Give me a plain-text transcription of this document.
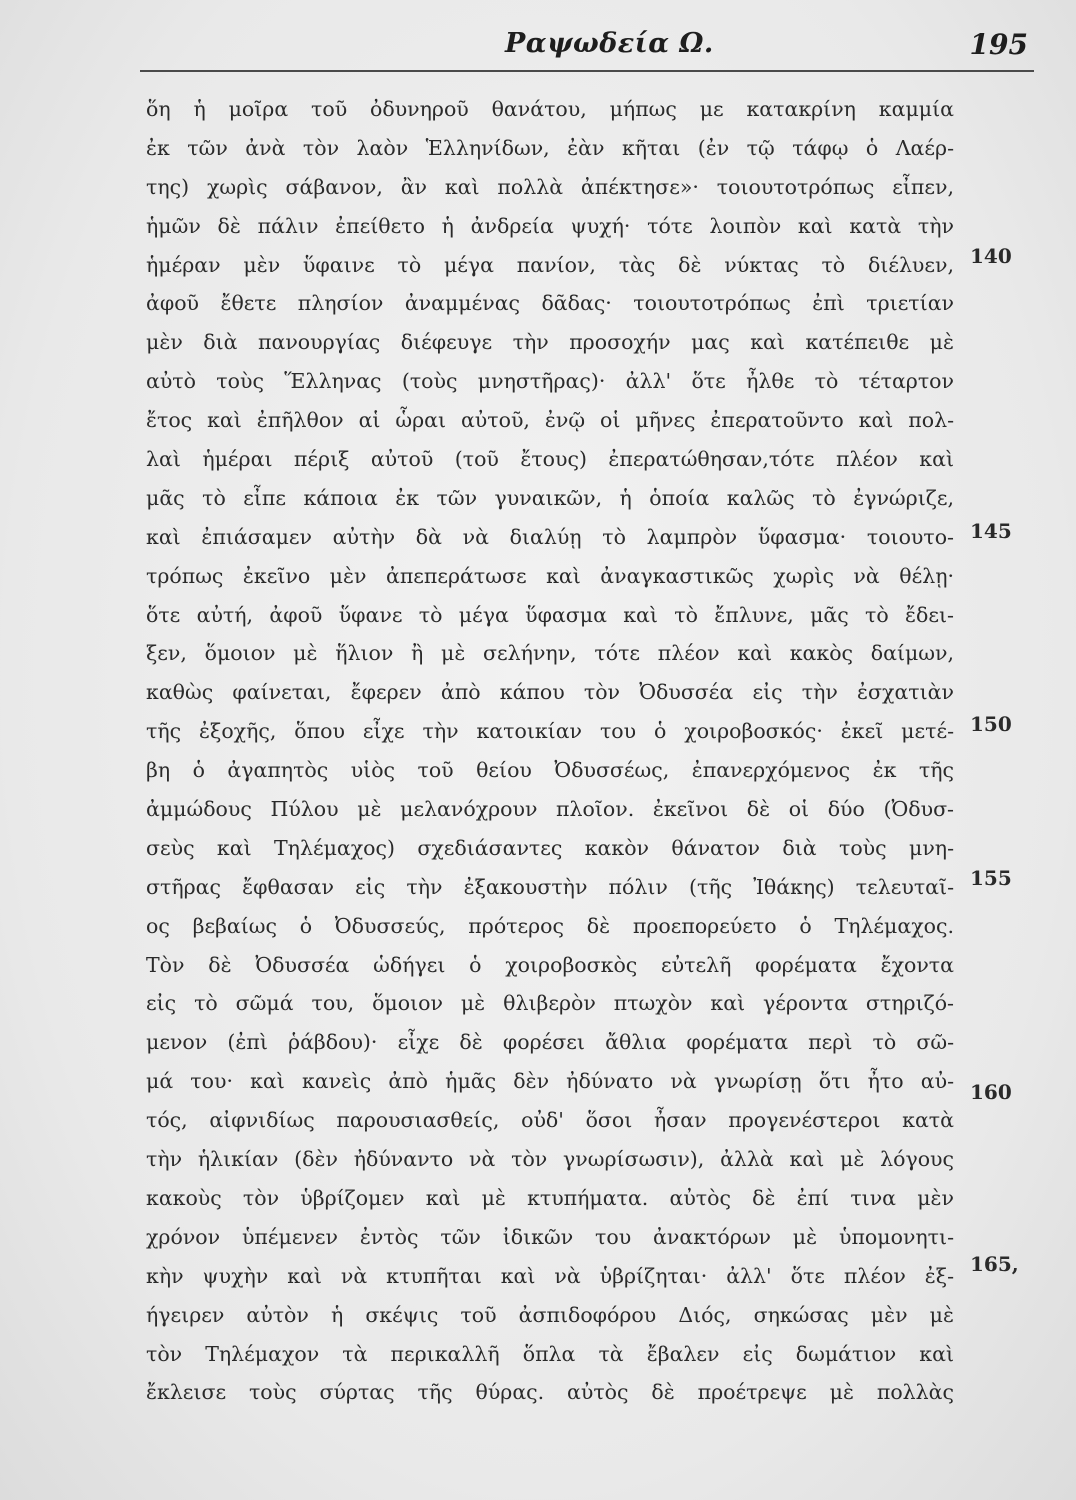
Ραψωδεία Ω.	195
ὅη ἡ μοῖρα τοῦ ὀδυνηροῦ θανάτου, μήπως με κατακρίνη καμμία
ἐκ τῶν ἀνὰ τὸν λαὸν Ἑλληνίδων, ἐὰν κῆται (ἐν τῷ τάφῳ ὁ Λαέρ-
της) χωρὶς σάβανον, ἂν καὶ πολλὰ ἀπέκτησε»· τοιουτοτρόπως εἶπεν,
ἡμῶν δὲ πάλιν ἐπείθετο ἡ ἀνδρεία ψυχή· τότε λοιπὸν καὶ κατὰ τὴν
ἡμέραν μὲν ὕφαινε τὸ μέγα πανίον, τὰς δὲ νύκτας τὸ διέλυεν,
ἀφοῦ ἔθετε πλησίον ἀναμμένας δᾶδας· τοιουτοτρόπως ἐπὶ τριετίαν
μὲν διὰ πανουργίας διέφευγε τὴν προσοχήν μας καὶ κατέπειθε μὲ
αὐτὸ τοὺς Ἕλληνας (τοὺς μνηστῆρας)· ἀλλ' ὅτε ἦλθε τὸ τέταρτον
ἔτος καὶ ἐπῆλθον αἱ ὧραι αὐτοῦ, ἐνῷ οἱ μῆνες ἐπερατοῦντο καὶ πολ-
λαὶ ἡμέραι πέριξ αὐτοῦ (τοῦ ἔτους) ἐπερατώθησαν,τότε πλέον καὶ
μᾶς τὸ εἶπε κάποια ἐκ τῶν γυναικῶν, ἡ ὁποία καλῶς τὸ ἐγνώριζε,
καὶ ἐπιάσαμεν αὐτὴν δὰ νὰ διαλύῃ τὸ λαμπρὸν ὕφασμα· τοιουτο-
τρόπως ἐκεῖνο μὲν ἀπεπεράτωσε καὶ ἀναγκαστικῶς χωρὶς νὰ θέλῃ·
ὅτε αὐτή, ἀφοῦ ὕφανε τὸ μέγα ὕφασμα καὶ τὸ ἔπλυνε, μᾶς τὸ ἔδει-
ξεν, ὅμοιον μὲ ἥλιον ἢ μὲ σελήνην, τότε πλέον καὶ κακὸς δαίμων,
καθὼς φαίνεται, ἔφερεν ἀπὸ κάπου τὸν Ὀδυσσέα εἰς τὴν ἐσχατιὰν
τῆς ἐξοχῆς, ὅπου εἶχε τὴν κατοικίαν του ὁ χοιροβοσκός· ἐκεῖ μετέ-
βη ὁ ἀγαπητὸς υἱὸς τοῦ θείου Ὀδυσσέως, ἐπανερχόμενος ἐκ τῆς
ἀμμώδους Πύλου μὲ μελανόχρουν πλοῖον. ἐκεῖνοι δὲ οἱ δύο (Ὀδυσ-
σεὺς καὶ Τηλέμαχος) σχεδιάσαντες κακὸν θάνατον διὰ τοὺς μνη-
στῆρας ἔφθασαν εἰς τὴν ἐξακουστὴν πόλιν (τῆς Ἰθάκης) τελευταῖ-
ος βεβαίως ὁ Ὀδυσσεύς, πρότερος δὲ προεπορεύετο ὁ Τηλέμαχος.
Τὸν δὲ Ὀδυσσέα ὡδήγει ὁ χοιροβοσκὸς εὐτελῆ φορέματα ἔχοντα
εἰς τὸ σῶμά του, ὅμοιον μὲ θλιβερὸν πτωχὸν καὶ γέροντα στηριζό-
μενον (ἐπὶ ῥάβδου)· εἶχε δὲ φορέσει ἄθλια φορέματα περὶ τὸ σῶ-
μά του· καὶ κανεὶς ἀπὸ ἡμᾶς δὲν ἠδύνατο νὰ γνωρίσῃ ὅτι ἦτο αὐ-
τός, αἰφνιδίως παρουσιασθείς, οὐδ' ὅσοι ἦσαν προγενέστεροι κατὰ
τὴν ἡλικίαν (δὲν ἠδύναντο νὰ τὸν γνωρίσωσιν), ἀλλὰ καὶ μὲ λόγους
κακοὺς τὸν ὑβρίζομεν καὶ μὲ κτυπήματα. αὐτὸς δὲ ἐπί τινα μὲν
χρόνον ὑπέμενεν ἐντὸς τῶν ἰδικῶν του ἀνακτόρων μὲ ὑπομονητι-
κὴν ψυχὴν καὶ νὰ κτυπῆται καὶ νὰ ὑβρίζηται· ἀλλ' ὅτε πλέον ἐξ-
ήγειρεν αὐτὸν ἡ σκέψις τοῦ ἀσπιδοφόρου Διός, σηκώσας μὲν μὲ
τὸν Τηλέμαχον τὰ περικαλλῆ ὅπλα τὰ ἔβαλεν εἰς δωμάτιον καὶ
ἔκλεισε τοὺς σύρτας τῆς θύρας. αὐτὸς δὲ προέτρεψε μὲ πολλὰς
140
145
150
155
160
165,
